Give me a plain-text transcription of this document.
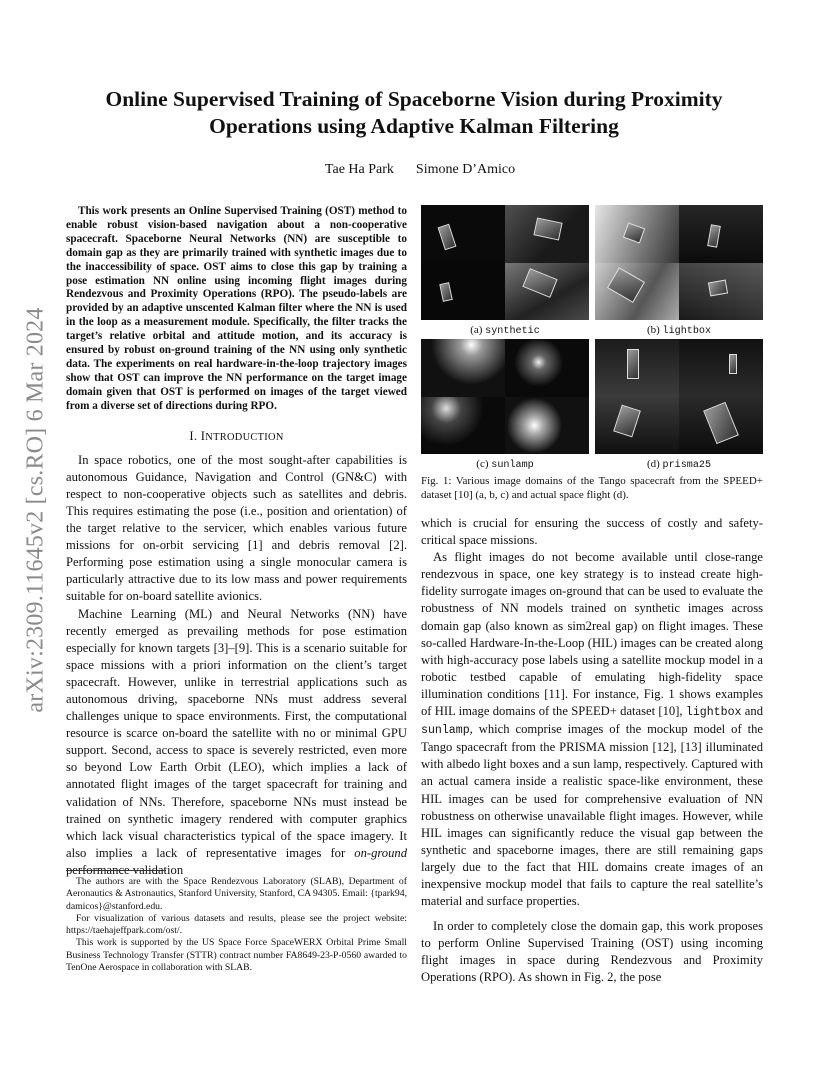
arXiv:2309.11645v2 [cs.RO] 6 Mar 2024
Online Supervised Training of Spaceborne Vision during Proximity Operations using Adaptive Kalman Filtering
Tae Ha Park Simone D’Amico

This work presents an Online Supervised Training (OST) method to enable robust vision-based navigation about a non-cooperative spacecraft. Spaceborne Neural Networks (NN) are susceptible to domain gap as they are primarily trained with synthetic images due to the inaccessibility of space. OST aims to close this gap by training a pose estimation NN online using incoming flight images during Rendezvous and Proximity Operations (RPO). The pseudo-labels are provided by an adaptive unscented Kalman filter where the NN is used in the loop as a measurement module. Specifically, the filter tracks the target’s relative orbital and attitude motion, and its accuracy is ensured by robust on-ground training of the NN using only synthetic data. The experiments on real hardware-in-the-loop trajectory images show that OST can improve the NN performance on the target image domain given that OST is performed on images of the target viewed from a diverse set of directions during RPO.

I. INTRODUCTION

In space robotics, one of the most sought-after capabilities is autonomous Guidance, Navigation and Control (GN&C) with respect to non-cooperative objects such as satellites and debris. This requires estimating the pose (i.e., position and orientation) of the target relative to the servicer, which enables various future missions for on-orbit servicing [1] and debris removal [2]. Performing pose estimation using a single monocular camera is particularly attractive due to its low mass and power requirements suitable for on-board satellite avionics.

Machine Learning (ML) and Neural Networks (NN) have recently emerged as prevailing methods for pose estimation especially for known targets [3]–[9]. This is a scenario suitable for space missions with a priori information on the client’s target spacecraft. However, unlike in terrestrial applications such as autonomous driving, spaceborne NNs must address several challenges unique to space environments. First, the computational resource is scarce on-board the satellite with no or minimal GPU support. Second, access to space is severely restricted, even more so beyond Low Earth Orbit (LEO), which implies a lack of annotated flight images of the target spacecraft for training and validation of NNs. Therefore, spaceborne NNs must instead be trained on synthetic imagery rendered with computer graphics which lack visual characteristics typical of the space imagery. It also implies a lack of representative images for on-ground performance validation

The authors are with the Space Rendezvous Laboratory (SLAB), Department of Aeronautics & Astronautics, Stanford University, Stanford, CA 94305. Email: {tpark94, damicos}@stanford.edu.

For visualization of various datasets and results, please see the project website: https://taehajeffpark.com/ost/.

This work is supported by the US Space Force SpaceWERX Orbital Prime Small Business Technology Transfer (STTR) contract number FA8649-23-P-0560 awarded to TenOne Aerospace in collaboration with SLAB.

(a) synthetic	(b) lightbox
(c) sunlamp	(d) prisma25
Fig. 1: Various image domains of the Tango spacecraft from the SPEED+ dataset [10] (a, b, c) and actual space flight (d).

which is crucial for ensuring the success of costly and safety-critical space missions.

As flight images do not become available until close-range rendezvous in space, one key strategy is to instead create high-fidelity surrogate images on-ground that can be used to evaluate the robustness of NN models trained on synthetic images across domain gap (also known as sim2real gap) on flight images. These so-called Hardware-In-the-Loop (HIL) images can be created along with high-accuracy pose labels using a satellite mockup model in a robotic testbed capable of emulating high-fidelity space illumination conditions [11]. For instance, Fig. 1 shows examples of HIL image domains of the SPEED+ dataset [10], lightbox and sunlamp, which comprise images of the mockup model of the Tango spacecraft from the PRISMA mission [12], [13] illuminated with albedo light boxes and a sun lamp, respectively. Captured with an actual camera inside a realistic space-like environment, these HIL images can be used for comprehensive evaluation of NN robustness on otherwise unavailable flight images. However, while HIL images can significantly reduce the visual gap between the synthetic and spaceborne images, there are still remaining gaps largely due to the fact that HIL domains create images of an inexpensive mockup model that fails to capture the real satellite’s material and surface properties.

In order to completely close the domain gap, this work proposes to perform Online Supervised Training (OST) using incoming flight images in space during Rendezvous and Proximity Operations (RPO). As shown in Fig. 2, the pose
